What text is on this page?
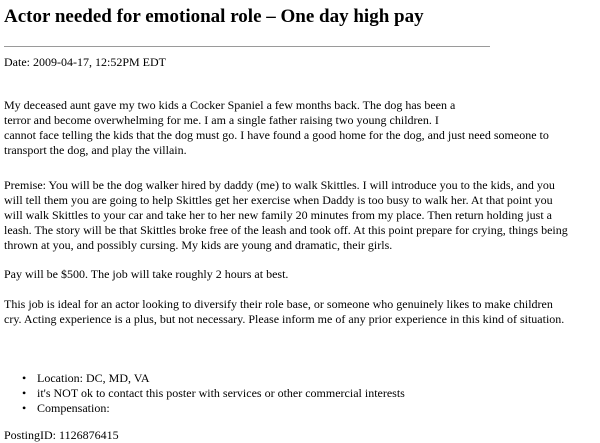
Actor needed for emotional role – One day high pay
Date: 2009-04-17, 12:52PM EDT
My deceased aunt gave my two kids a Cocker Spaniel a few months back. The dog has been a
terror and become overwhelming for me. I am a single father raising two young children. I
cannot face telling the kids that the dog must go. I have found a good home for the dog, and just need someone to
transport the dog, and play the villain.
Premise: You will be the dog walker hired by daddy (me) to walk Skittles. I will introduce you to the kids, and you
will tell them you are going to help Skittles get her exercise when Daddy is too busy to walk her. At that point you
will walk Skittles to your car and take her to her new family 20 minutes from my place. Then return holding just a
leash. The story will be that Skittles broke free of the leash and took off. At this point prepare for crying, things being
thrown at you, and possibly cursing. My kids are young and dramatic, their girls.
Pay will be $500. The job will take roughly 2 hours at best.
This job is ideal for an actor looking to diversify their role base, or someone who genuinely likes to make children
cry. Acting experience is a plus, but not necessary. Please inform me of any prior experience in this kind of situation.
• Location: DC, MD, VA
• it's NOT ok to contact this poster with services or other commercial interests
• Compensation:
PostingID: 1126876415
